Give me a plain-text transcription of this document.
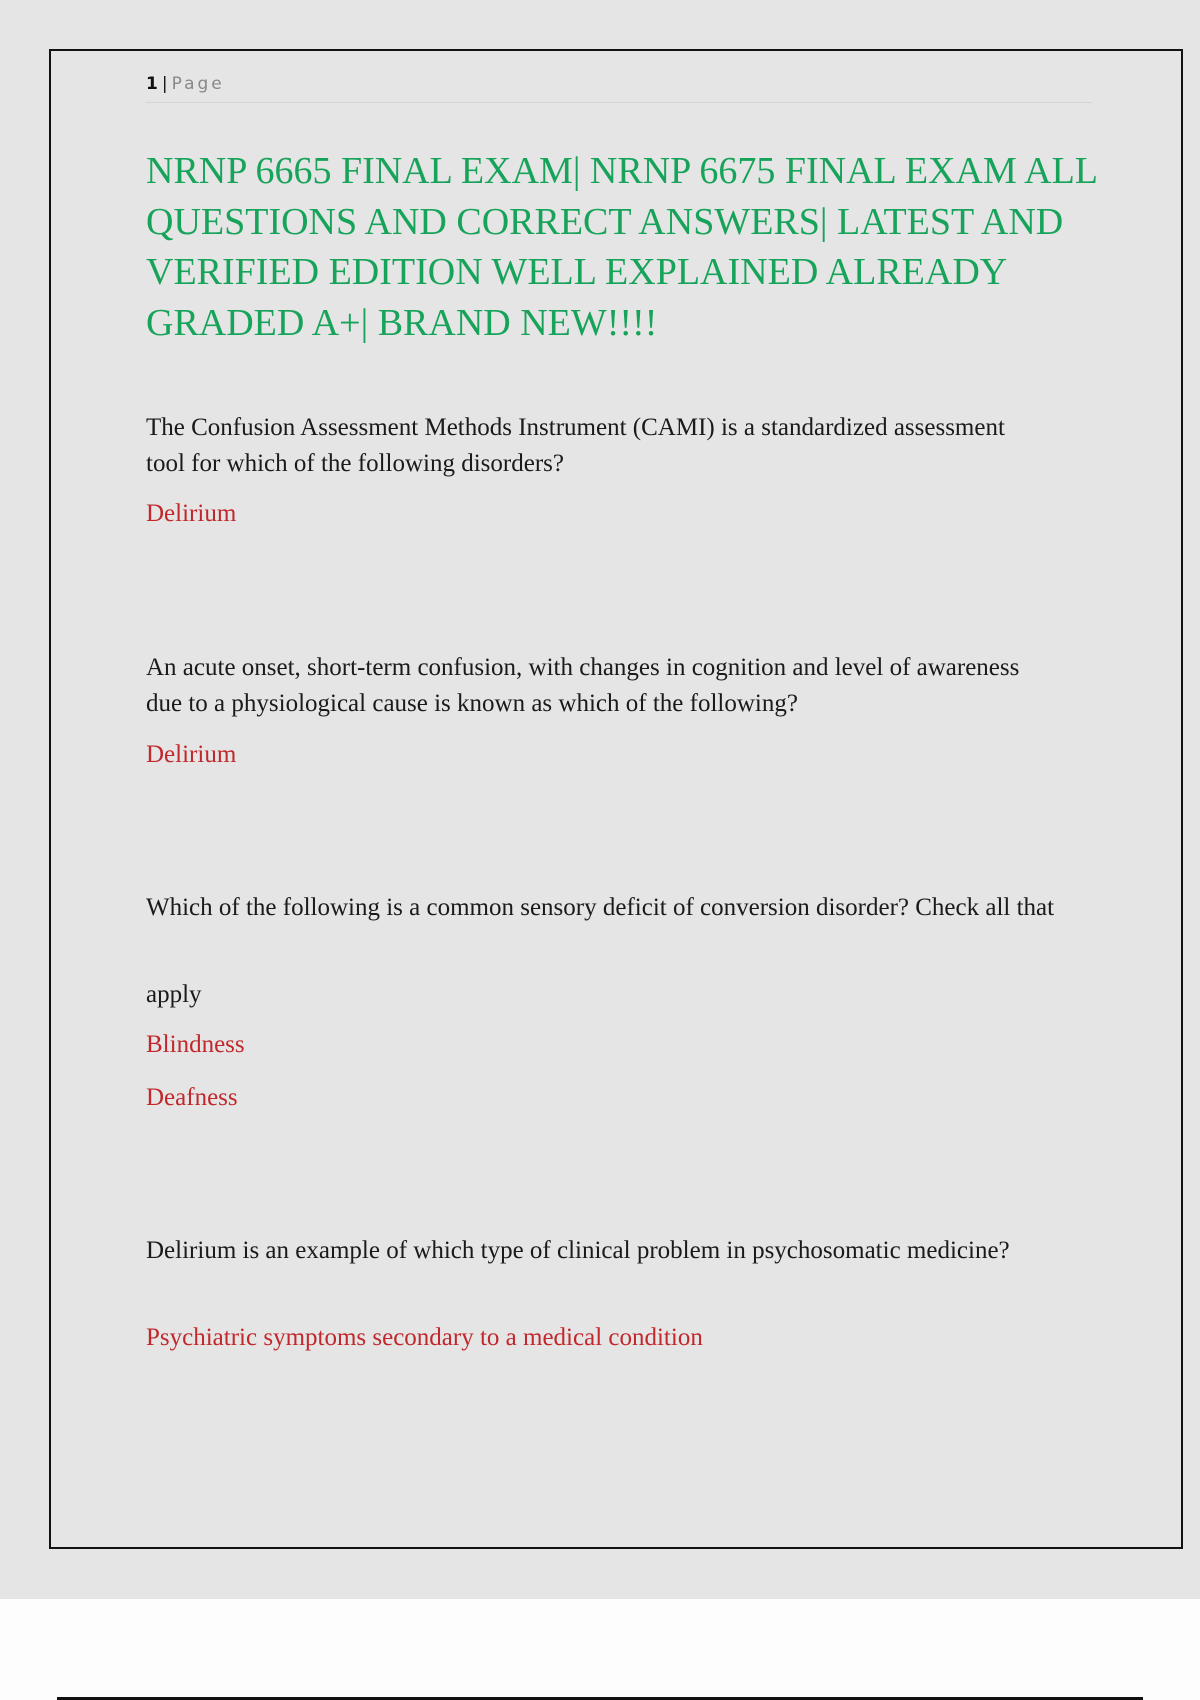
1 | Page
NRNP 6665 FINAL EXAM| NRNP 6675 FINAL EXAM ALL QUESTIONS AND CORRECT ANSWERS| LATEST AND VERIFIED EDITION WELL EXPLAINED ALREADY GRADED A+| BRAND NEW!!!!
The Confusion Assessment Methods Instrument (CAMI) is a standardized assessment tool for which of the following disorders?
Delirium
An acute onset, short-term confusion, with changes in cognition and level of awareness due to a physiological cause is known as which of the following?
Delirium
Which of the following is a common sensory deficit of conversion disorder? Check all that
apply
Blindness
Deafness
Delirium is an example of which type of clinical problem in psychosomatic medicine?
Psychiatric symptoms secondary to a medical condition
